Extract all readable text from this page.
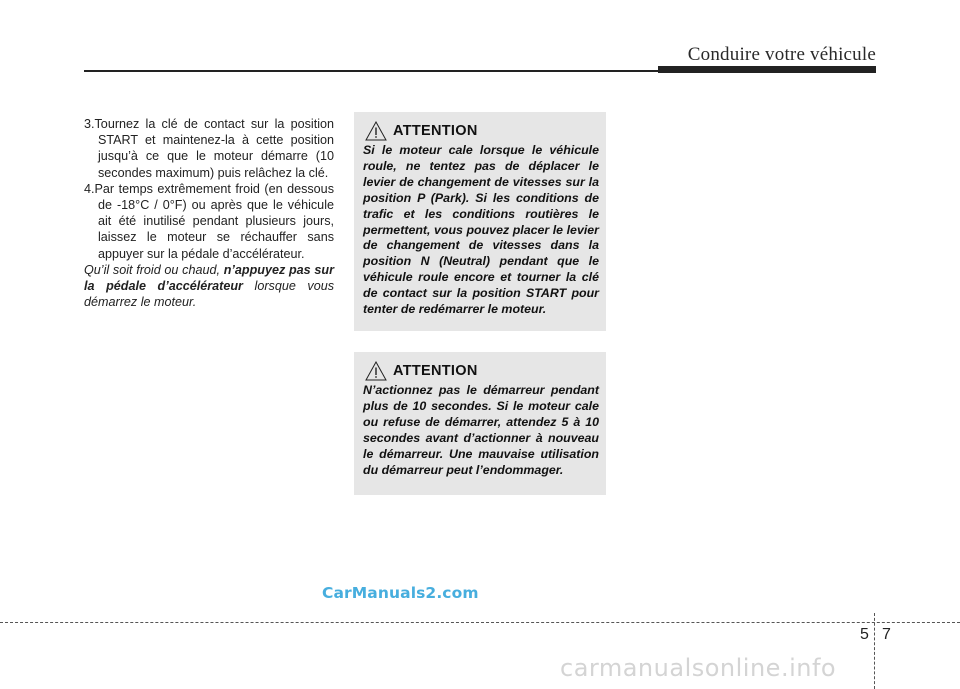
Conduire votre véhicule

3.Tournez la clé de contact sur la position START et maintenez-la à cette position jusqu’à ce que le moteur démarre (10 secondes maximum) puis relâchez la clé.

4.Par temps extrêmement froid (en dessous de -18°C / 0°F) ou après que le véhicule ait été inutilisé pendant plusieurs jours, laissez le moteur se réchauffer sans appuyer sur la pédale d’accélérateur.

Qu’il soit froid ou chaud, n’appuyez pas sur la pédale d’accélérateur lorsque vous démarrez le moteur.

ATTENTION
Si le moteur cale lorsque le véhicule roule, ne tentez pas de déplacer le levier de changement de vitesses sur la position P (Park). Si les conditions de trafic et les conditions routières le permettent, vous pouvez placer le levier de changement de vitesses dans la position N (Neutral) pendant que le véhicule roule encore et tourner la clé de contact sur la position START pour tenter de redémarrer le moteur.
ATTENTION
N’actionnez pas le démarreur pendant plus de 10 secondes. Si le moteur cale ou refuse de démarrer, attendez 5 à 10 secondes avant d’actionner à nouveau le démarreur. Une mauvaise utilisation du démarreur peut l’endommager.
CarManuals2.com
5 7
carmanualsonline.info
